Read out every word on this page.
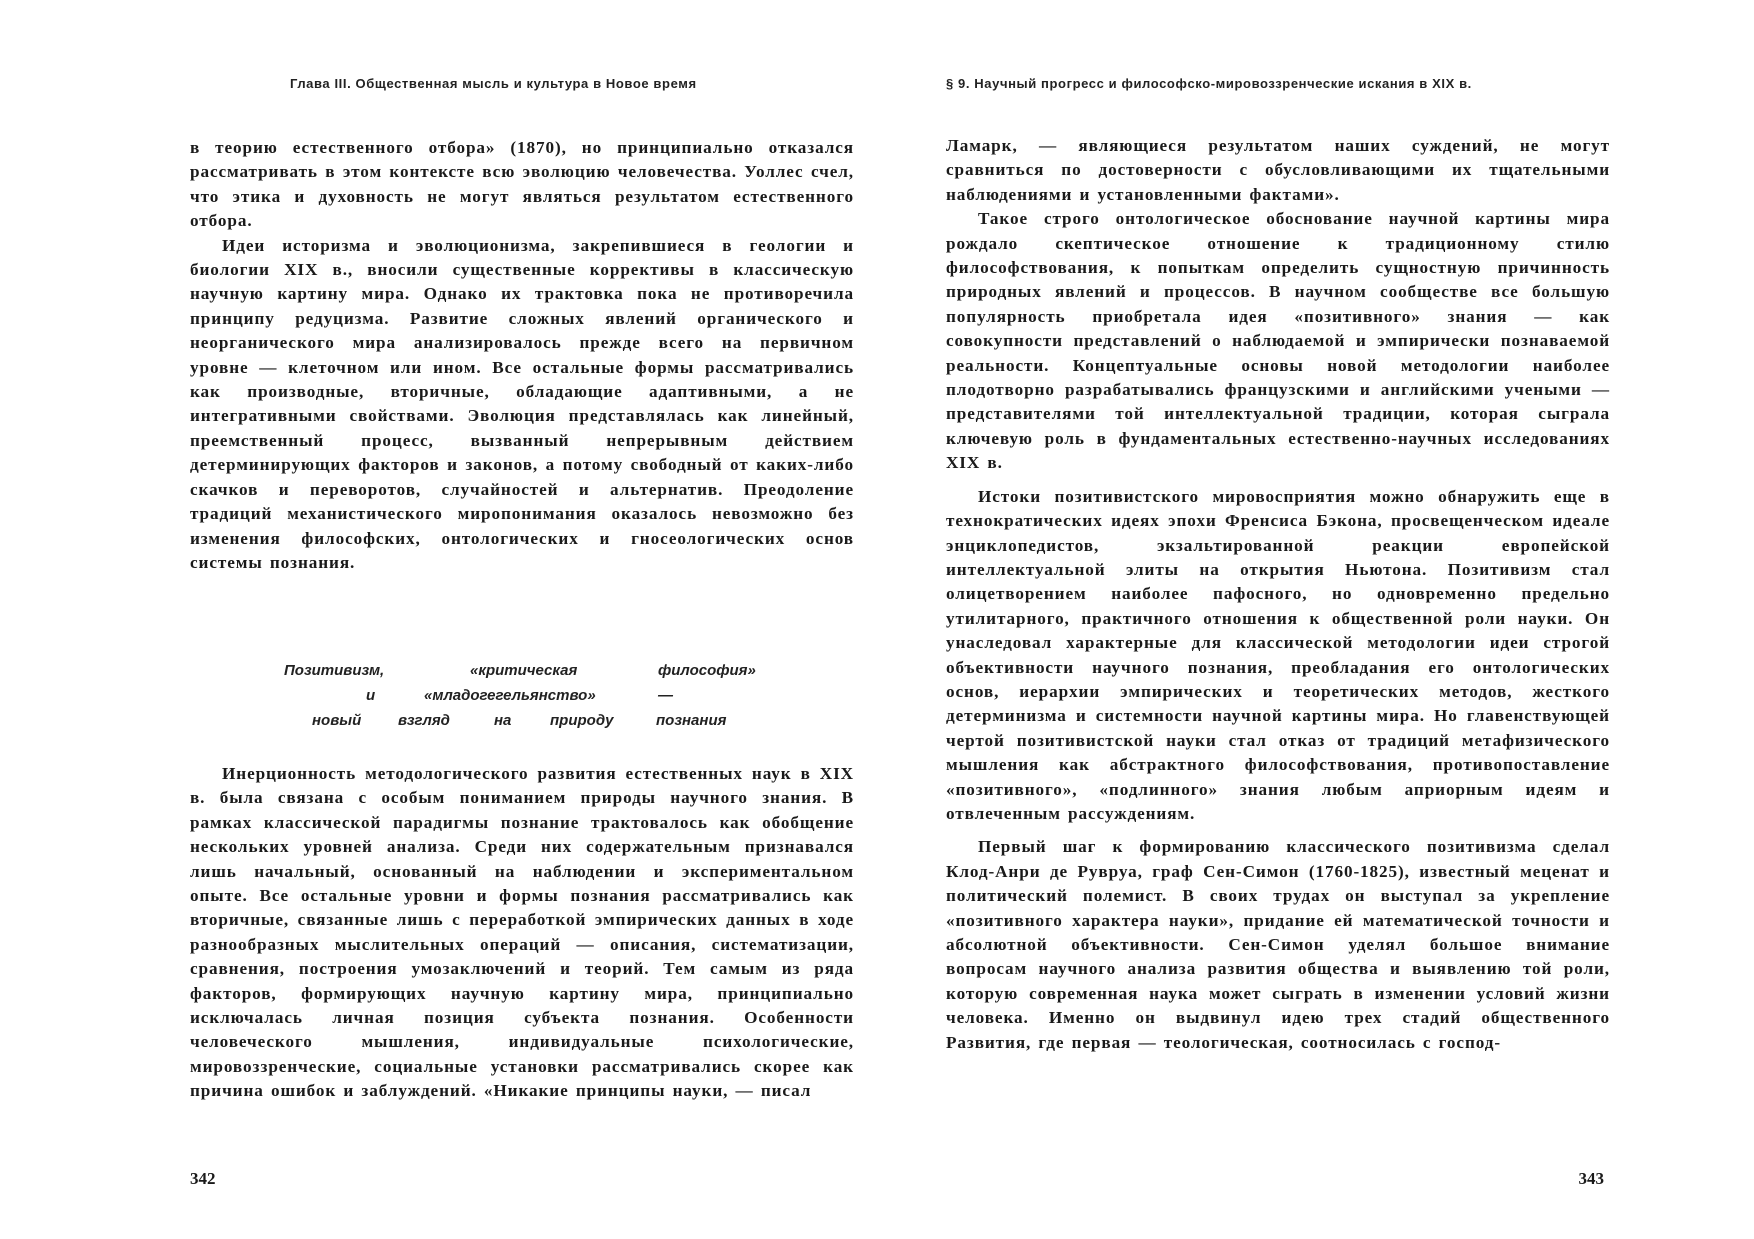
Глава III. Общественная мысль и культура в Новое время

в теорию естественного отбора» (1870), но принципиально отказался рассматривать в этом контексте всю эволюцию человечества. Уоллес счел, что этика и духовность не могут являться результатом естественного отбора.

Идеи историзма и эволюционизма, закрепившиеся в геологии и биологии XIX в., вносили существенные коррективы в классическую научную картину мира. Однако их трактовка пока не противоречила принципу редуцизма. Развитие сложных явлений органического и неорганического мира анализировалось прежде всего на первичном уровне — клеточном или ином. Все остальные формы рассматривались как производные, вторичные, обладающие адаптивными, а не интегративными свойствами. Эволюция представлялась как линейный, преемственный процесс, вызванный непрерывным действием детерминирующих факторов и законов, а потому свободный от каких-либо скачков и переворотов, случайностей и альтернатив. Преодоление традиций механистического миропонимания оказалось невозможно без изменения философских, онтологических и гносеологических основ системы познания.

Позитивизм,	«критическая	философия»
и	«младогегельянство»	—
новый взгляд	на	природу	познания

Инерционность методологического развития естественных наук в XIX в. была связана с особым пониманием природы научного знания. В рамках классической парадигмы познание трактовалось как обобщение нескольких уровней анализа. Среди них содержательным признавался лишь начальный, основанный на наблюдении и экспериментальном опыте. Все остальные уровни и формы познания рассматривались как вторичные, связанные лишь с переработкой эмпирических данных в ходе разнообразных мыслительных операций — описания, систематизации, сравнения, построения умозаключений и теорий. Тем самым из ряда факторов, формирующих научную картину мира, принципиально исключалась личная позиция субъекта познания. Особенности человеческого мышления, индивидуальные психологические, мировоззренческие, социальные установки рассматривались скорее как причина ошибок и заблуждений. «Никакие принципы науки, — писал

342
§ 9. Научный прогресс и философско-мировоззренческие искания в XIX в.

Ламарк, — являющиеся результатом наших суждений, не могут сравниться по достоверности с обусловливающими их тщательными наблюдениями и установленными фактами».

Такое строго онтологическое обоснование научной картины мира рождало скептическое отношение к традиционному стилю философствования, к попыткам определить сущностную причинность природных явлений и процессов. В научном сообществе все большую популярность приобретала идея «позитивного» знания — как совокупности представлений о наблюдаемой и эмпирически познаваемой реальности. Концептуальные основы новой методологии наиболее плодотворно разрабатывались французскими и английскими учеными — представителями той интеллектуальной традиции, которая сыграла ключевую роль в фундаментальных естественно-научных исследованиях XIX в.

Истоки позитивистского мировосприятия можно обнаружить еще в технократических идеях эпохи Френсиса Бэкона, просвещенческом идеале энциклопедистов, экзальтированной реакции европейской интеллектуальной элиты на открытия Ньютона. Позитивизм стал олицетворением наиболее пафосного, но одновременно предельно утилитарного, практичного отношения к общественной роли науки. Он унаследовал характерные для классической методологии идеи строгой объективности научного познания, преобладания его онтологических основ, иерархии эмпирических и теоретических методов, жесткого детерминизма и системности научной картины мира. Но главенствующей чертой позитивистской науки стал отказ от традиций метафизического мышления как абстрактного философствования, противопоставление «позитивного», «подлинного» знания любым априорным идеям и отвлеченным рассуждениям.

Первый шаг к формированию классического позитивизма сделал Клод-Анри де Рувруа, граф Сен-Симон (1760-1825), известный меценат и политический полемист. В своих трудах он выступал за укрепление «позитивного характера науки», придание ей математической точности и абсолютной объективности. Сен-Симон уделял большое внимание вопросам научного анализа развития общества и выявлению той роли, которую современная наука может сыграть в изменении условий жизни человека. Именно он выдвинул идею трех стадий общественного Развития, где первая — теологическая, соотносилась с господ-

343
